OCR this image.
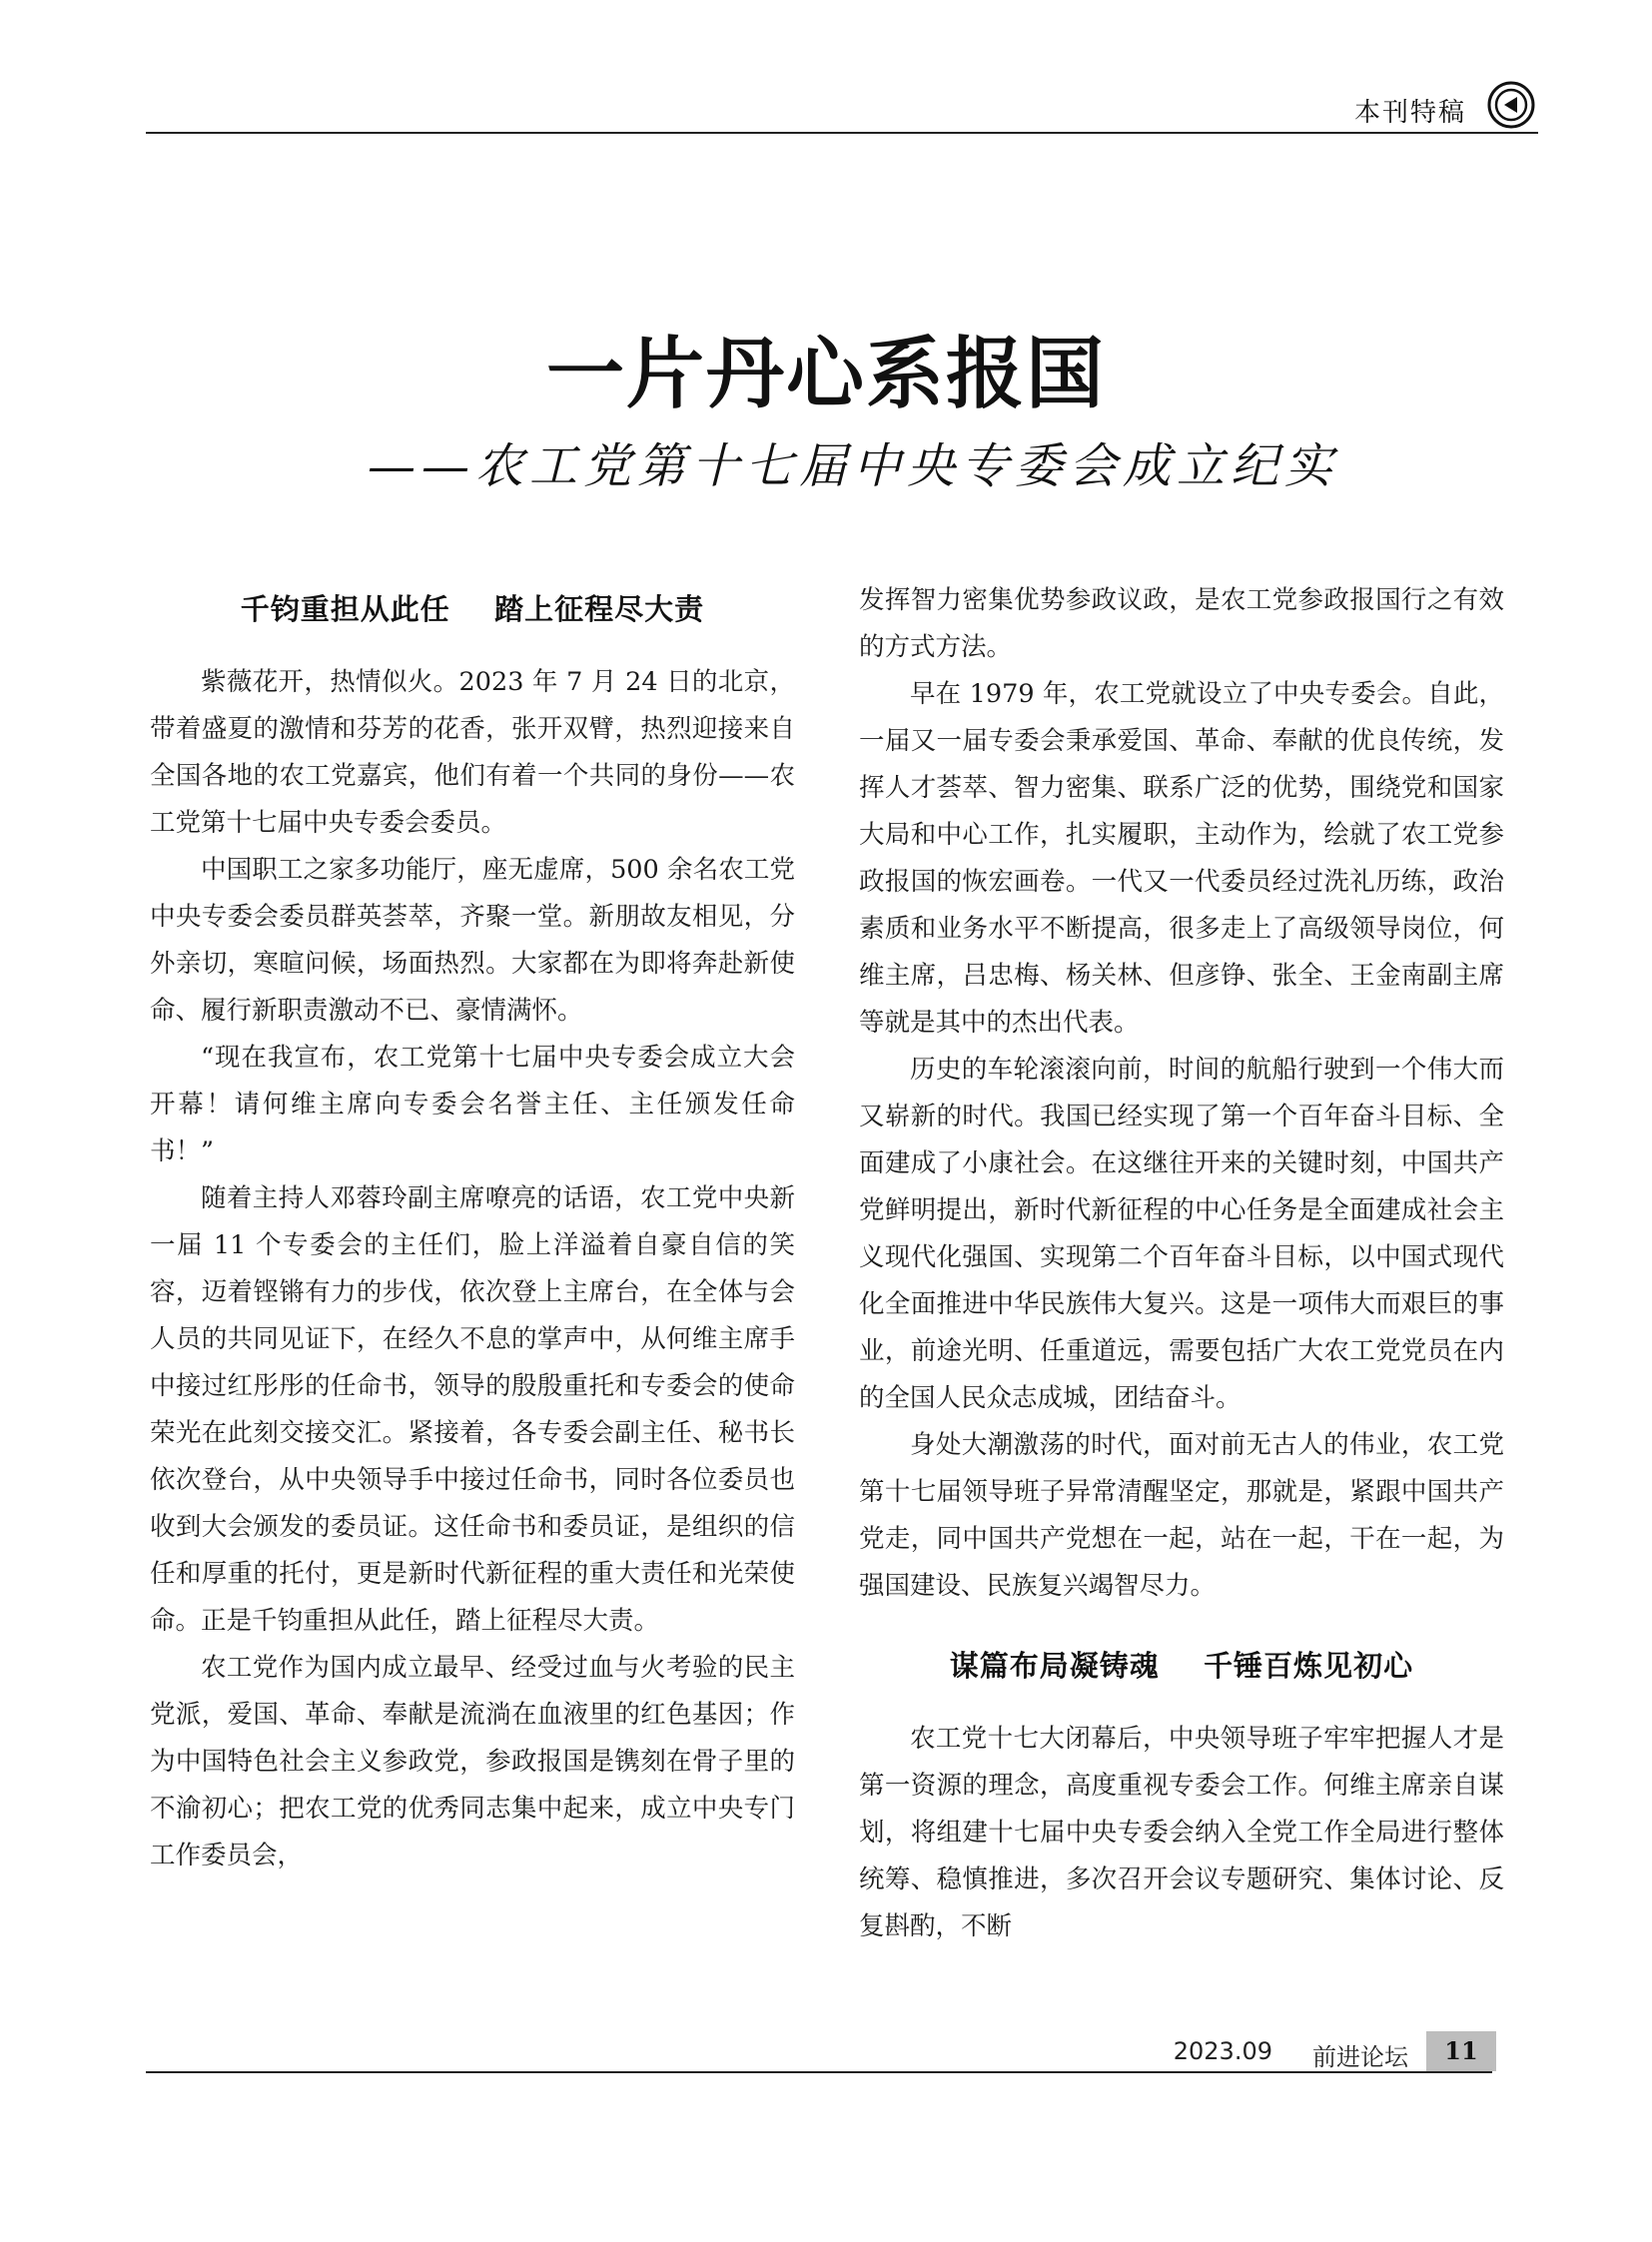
本刊特稿
一片丹心系报国
——农工党第十七届中央专委会成立纪实
千钧重担从此任    踏上征程尽大责

紫薇花开，热情似火。2023 年 7 月 24 日的北京，带着盛夏的激情和芬芳的花香，张开双臂，热烈迎接来自全国各地的农工党嘉宾，他们有着一个共同的身份——农工党第十七届中央专委会委员。

中国职工之家多功能厅，座无虚席，500 余名农工党中央专委会委员群英荟萃，齐聚一堂。新朋故友相见，分外亲切，寒暄问候，场面热烈。大家都在为即将奔赴新使命、履行新职责激动不已、豪情满怀。

“现在我宣布，农工党第十七届中央专委会成立大会开幕！请何维主席向专委会名誉主任、主任颁发任命书！”

随着主持人邓蓉玲副主席嘹亮的话语，农工党中央新一届 11 个专委会的主任们，脸上洋溢着自豪自信的笑容，迈着铿锵有力的步伐，依次登上主席台，在全体与会人员的共同见证下，在经久不息的掌声中，从何维主席手中接过红彤彤的任命书，领导的殷殷重托和专委会的使命荣光在此刻交接交汇。紧接着，各专委会副主任、秘书长依次登台，从中央领导手中接过任命书，同时各位委员也收到大会颁发的委员证。这任命书和委员证，是组织的信任和厚重的托付，更是新时代新征程的重大责任和光荣使命。正是千钧重担从此任，踏上征程尽大责。

农工党作为国内成立最早、经受过血与火考验的民主党派，爱国、革命、奉献是流淌在血液里的红色基因；作为中国特色社会主义参政党，参政报国是镌刻在骨子里的不渝初心；把农工党的优秀同志集中起来，成立中央专门工作委员会，

发挥智力密集优势参政议政，是农工党参政报国行之有效的方式方法。

早在 1979 年，农工党就设立了中央专委会。自此，一届又一届专委会秉承爱国、革命、奉献的优良传统，发挥人才荟萃、智力密集、联系广泛的优势，围绕党和国家大局和中心工作，扎实履职，主动作为，绘就了农工党参政报国的恢宏画卷。一代又一代委员经过洗礼历练，政治素质和业务水平不断提高，很多走上了高级领导岗位，何维主席，吕忠梅、杨关林、但彦铮、张全、王金南副主席等就是其中的杰出代表。

历史的车轮滚滚向前，时间的航船行驶到一个伟大而又崭新的时代。我国已经实现了第一个百年奋斗目标、全面建成了小康社会。在这继往开来的关键时刻，中国共产党鲜明提出，新时代新征程的中心任务是全面建成社会主义现代化强国、实现第二个百年奋斗目标，以中国式现代化全面推进中华民族伟大复兴。这是一项伟大而艰巨的事业，前途光明、任重道远，需要包括广大农工党党员在内的全国人民众志成城，团结奋斗。

身处大潮激荡的时代，面对前无古人的伟业，农工党第十七届领导班子异常清醒坚定，那就是，紧跟中国共产党走，同中国共产党想在一起，站在一起，干在一起，为强国建设、民族复兴竭智尽力。

谋篇布局凝铸魂    千锤百炼见初心

农工党十七大闭幕后，中央领导班子牢牢把握人才是第一资源的理念，高度重视专委会工作。何维主席亲自谋划，将组建十七届中央专委会纳入全党工作全局进行整体统筹、稳慎推进，多次召开会议专题研究、集体讨论、反复斟酌，不断

2023.09 前进论坛	11
